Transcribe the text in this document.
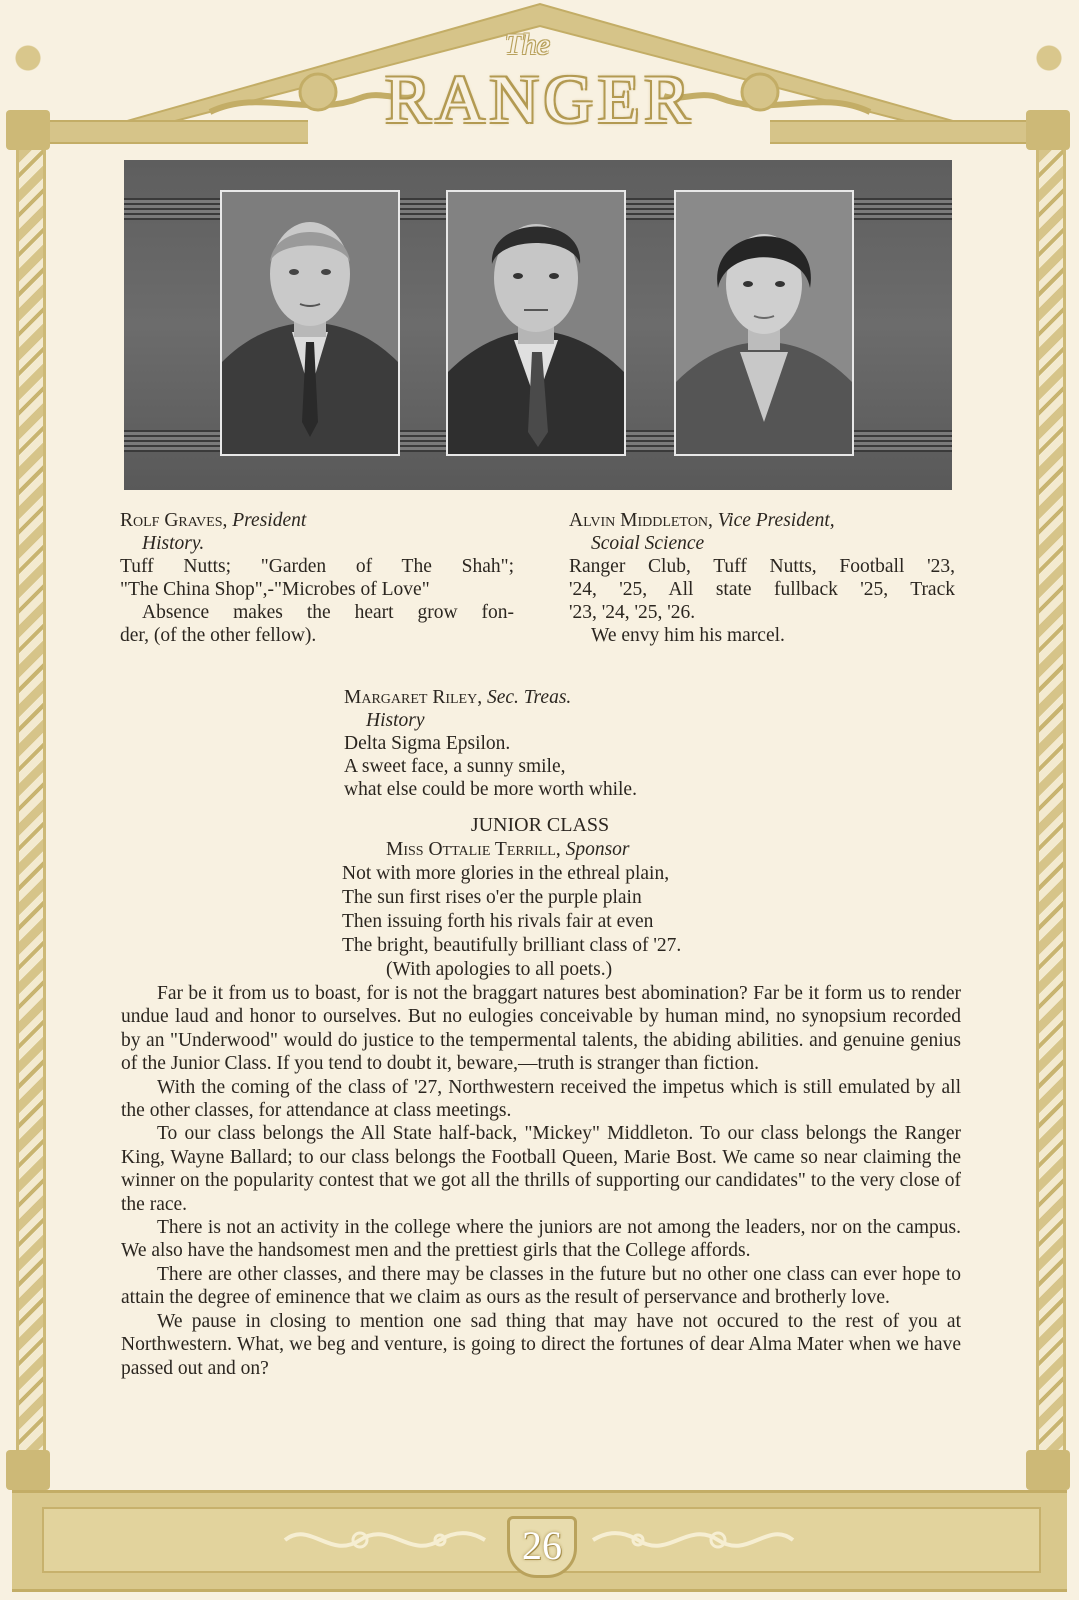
The
RANGER
Rolf Graves, President
History.
Tuff Nutts; "Garden of The Shah";
"The China Shop",-"Microbes of Love"
Absence makes the heart grow fon-
der, (of the other fellow).
Alvin Middleton, Vice President,
Scoial Science
Ranger Club, Tuff Nutts, Football '23,
'24, '25, All state fullback '25, Track
'23, '24, '25, '26.
We envy him his marcel.
Margaret Riley, Sec. Treas.
History
Delta Sigma Epsilon.
A sweet face, a sunny smile,
what else could be more worth while.
JUNIOR CLASS
Miss Ottalie Terrill, Sponsor
Not with more glories in the ethreal plain,
The sun first rises o'er the purple plain
Then issuing forth his rivals fair at even
The bright, beautifully brilliant class of '27.
(With apologies to all poets.)

Far be it from us to boast, for is not the braggart natures best abomination? Far be it form us to render undue laud and honor to ourselves. But no eulogies conceivable by human mind, no synopsium recorded by an "Underwood" would do justice to the tempermental talents, the abiding abilities. and genuine genius of the Junior Class. If you tend to doubt it, beware,—truth is stranger than fiction.

With the coming of the class of '27, Northwestern received the impetus which is still emulated by all the other classes, for attendance at class meetings.

To our class belongs the All State half-back, "Mickey" Middleton. To our class belongs the Ranger King, Wayne Ballard; to our class belongs the Football Queen, Marie Bost. We came so near claiming the winner on the popularity contest that we got all the thrills of supporting our candidates" to the very close of the race.

There is not an activity in the college where the juniors are not among the leaders, nor on the campus. We also have the handsomest men and the prettiest girls that the College affords.

There are other classes, and there may be classes in the future but no other one class can ever hope to attain the degree of eminence that we claim as ours as the result of perservance and brotherly love.

We pause in closing to mention one sad thing that may have not occured to the rest of you at Northwestern. What, we beg and venture, is going to direct the fortunes of dear Alma Mater when we have passed out and on?

26
